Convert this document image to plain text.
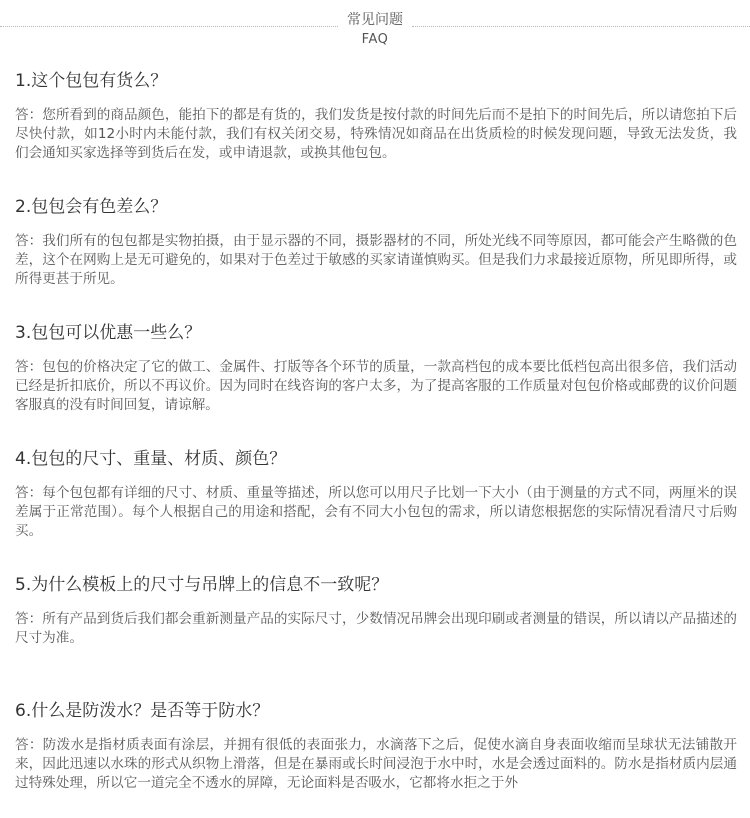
常见问题
FAQ

1.这个包包有货么？

答：您所看到的商品颜色，能拍下的都是有货的，我们发货是按付款的时间先后而不是拍下的时间先后，所以请您拍下后尽快付款，如12小时内未能付款，我们有权关闭交易，特殊情况如商品在出货质检的时候发现问题，导致无法发货，我们会通知买家选择等到货后在发，或申请退款，或换其他包包。

2.包包会有色差么？

答：我们所有的包包都是实物拍摄，由于显示器的不同，摄影器材的不同，所处光线不同等原因，都可能会产生略微的色差，这个在网购上是无可避免的，如果对于色差过于敏感的买家请谨慎购买。但是我们力求最接近原物，所见即所得，或所得更甚于所见。

3.包包可以优惠一些么？

答：包包的价格决定了它的做工、金属件、打版等各个环节的质量，一款高档包的成本要比低档包高出很多倍，我们活动已经是折扣底价，所以不再议价。因为同时在线咨询的客户太多，为了提高客服的工作质量对包包价格或邮费的议价问题客服真的没有时间回复，请谅解。

4.包包的尺寸、重量、材质、颜色？

答：每个包包都有详细的尺寸、材质、重量等描述，所以您可以用尺子比划一下大小（由于测量的方式不同，两厘米的误差属于正常范围）。每个人根据自己的用途和搭配，会有不同大小包包的需求，所以请您根据您的实际情况看清尺寸后购买。

5.为什么模板上的尺寸与吊牌上的信息不一致呢？

答：所有产品到货后我们都会重新测量产品的实际尺寸，少数情况吊牌会出现印刷或者测量的错误，所以请以产品描述的尺寸为准。

6.什么是防泼水？是否等于防水？

答：防泼水是指材质表面有涂层，并拥有很低的表面张力，水滴落下之后，促使水滴自身表面收缩而呈球状无法铺散开来，因此迅速以水珠的形式从织物上滑落，但是在暴雨或长时间浸泡于水中时，水是会透过面料的。防水是指材质内层通过特殊处理，所以它一道完全不透水的屏障，无论面料是否吸水，它都将水拒之于外
